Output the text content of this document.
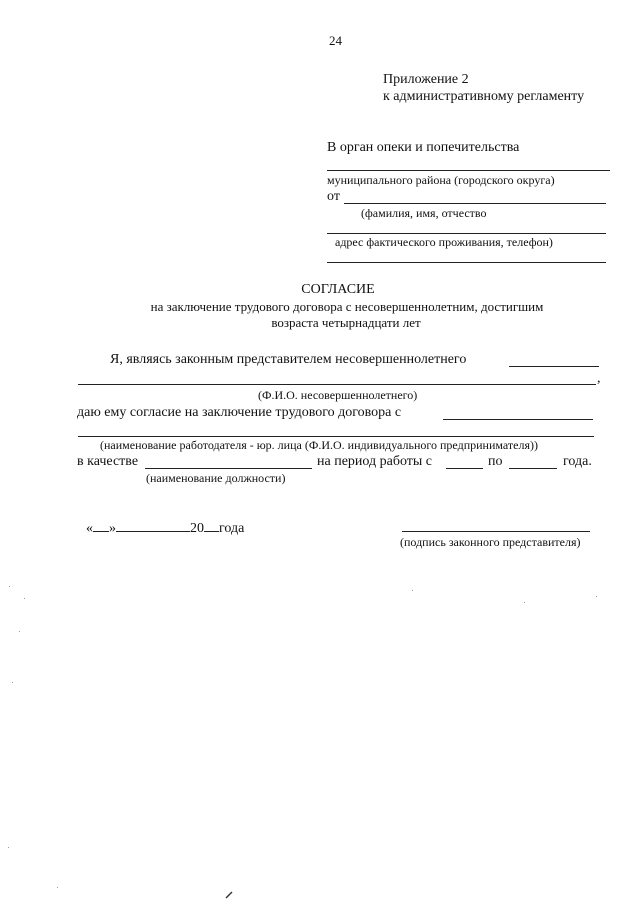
24
Приложение 2
к административному регламенту
В орган опеки и попечительства
муниципального района (городского округа)
от
(фамилия, имя, отчество
адрес фактического проживания, телефон)
СОГЛАСИЕ
на заключение трудового договора с несовершеннолетним, достигшим
возраста четырнадцати лет
Я, являясь законным представителем несовершеннолетнего
,
(Ф.И.О. несовершеннолетнего)
даю ему согласие на заключение трудового договора с
(наименование работодателя - юр. лица (Ф.И.О. индивидуального предпринимателя))
в качестве	на период работы с	по	года.
(наименование должности)
« »	20 года
(подпись законного представителя)
